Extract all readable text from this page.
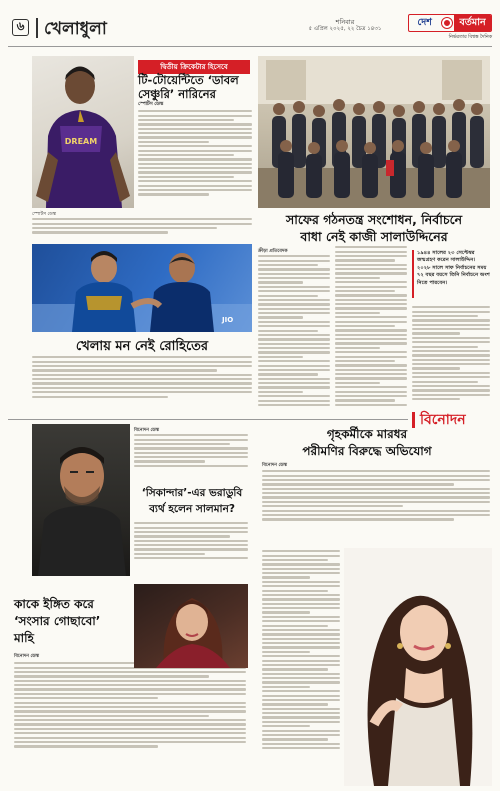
৬ খেলাধুলা	শনিবার
৫ এপ্রিল ২০২৫, ২২ চৈত্র ১৪৩১
দেশ	বর্তমান
নির্ভরতার বিশ্বস্ত দৈনিক
DREAM
দ্বিতীয় ক্রিকেটার হিসেবে
টি-টোয়েন্টিতে ‘ডাবল
সেঞ্চুরি’ নারিনের
স্পোর্টস ডেস্ক
স্পোর্টস ডেস্ক	সাফের গঠনতন্ত্র সংশোধন, নির্বাচনে
বাধা নেই কাজী সালাউদ্দিনের
JIO
খেলায় মন নেই রোহিতের
ক্রীড়া প্রতিবেদক	১৯৪৪ সালের ২৩ সেপ্টেম্বর জন্মগ্রহণ করেন সালাউদ্দিন। ২০২৮ সালে সাফ নির্বাচনের সময় ৭২ বছর বয়সে তিনি নির্বাচনে অংশ নিতে পারবেন।
বিনোদন
বিনোদন ডেস্ক
‘সিকান্দার’-এর ভরাডুবি
ব্যর্থ হলেন সালমান?
কাকে ইঙ্গিত করে
‘সংসার গোছাবো’
মাহি
বিনোদন ডেস্ক
গৃহকর্মীকে মারধর
পরীমণির বিরুদ্ধে অভিযোগ
বিনোদন ডেস্ক
